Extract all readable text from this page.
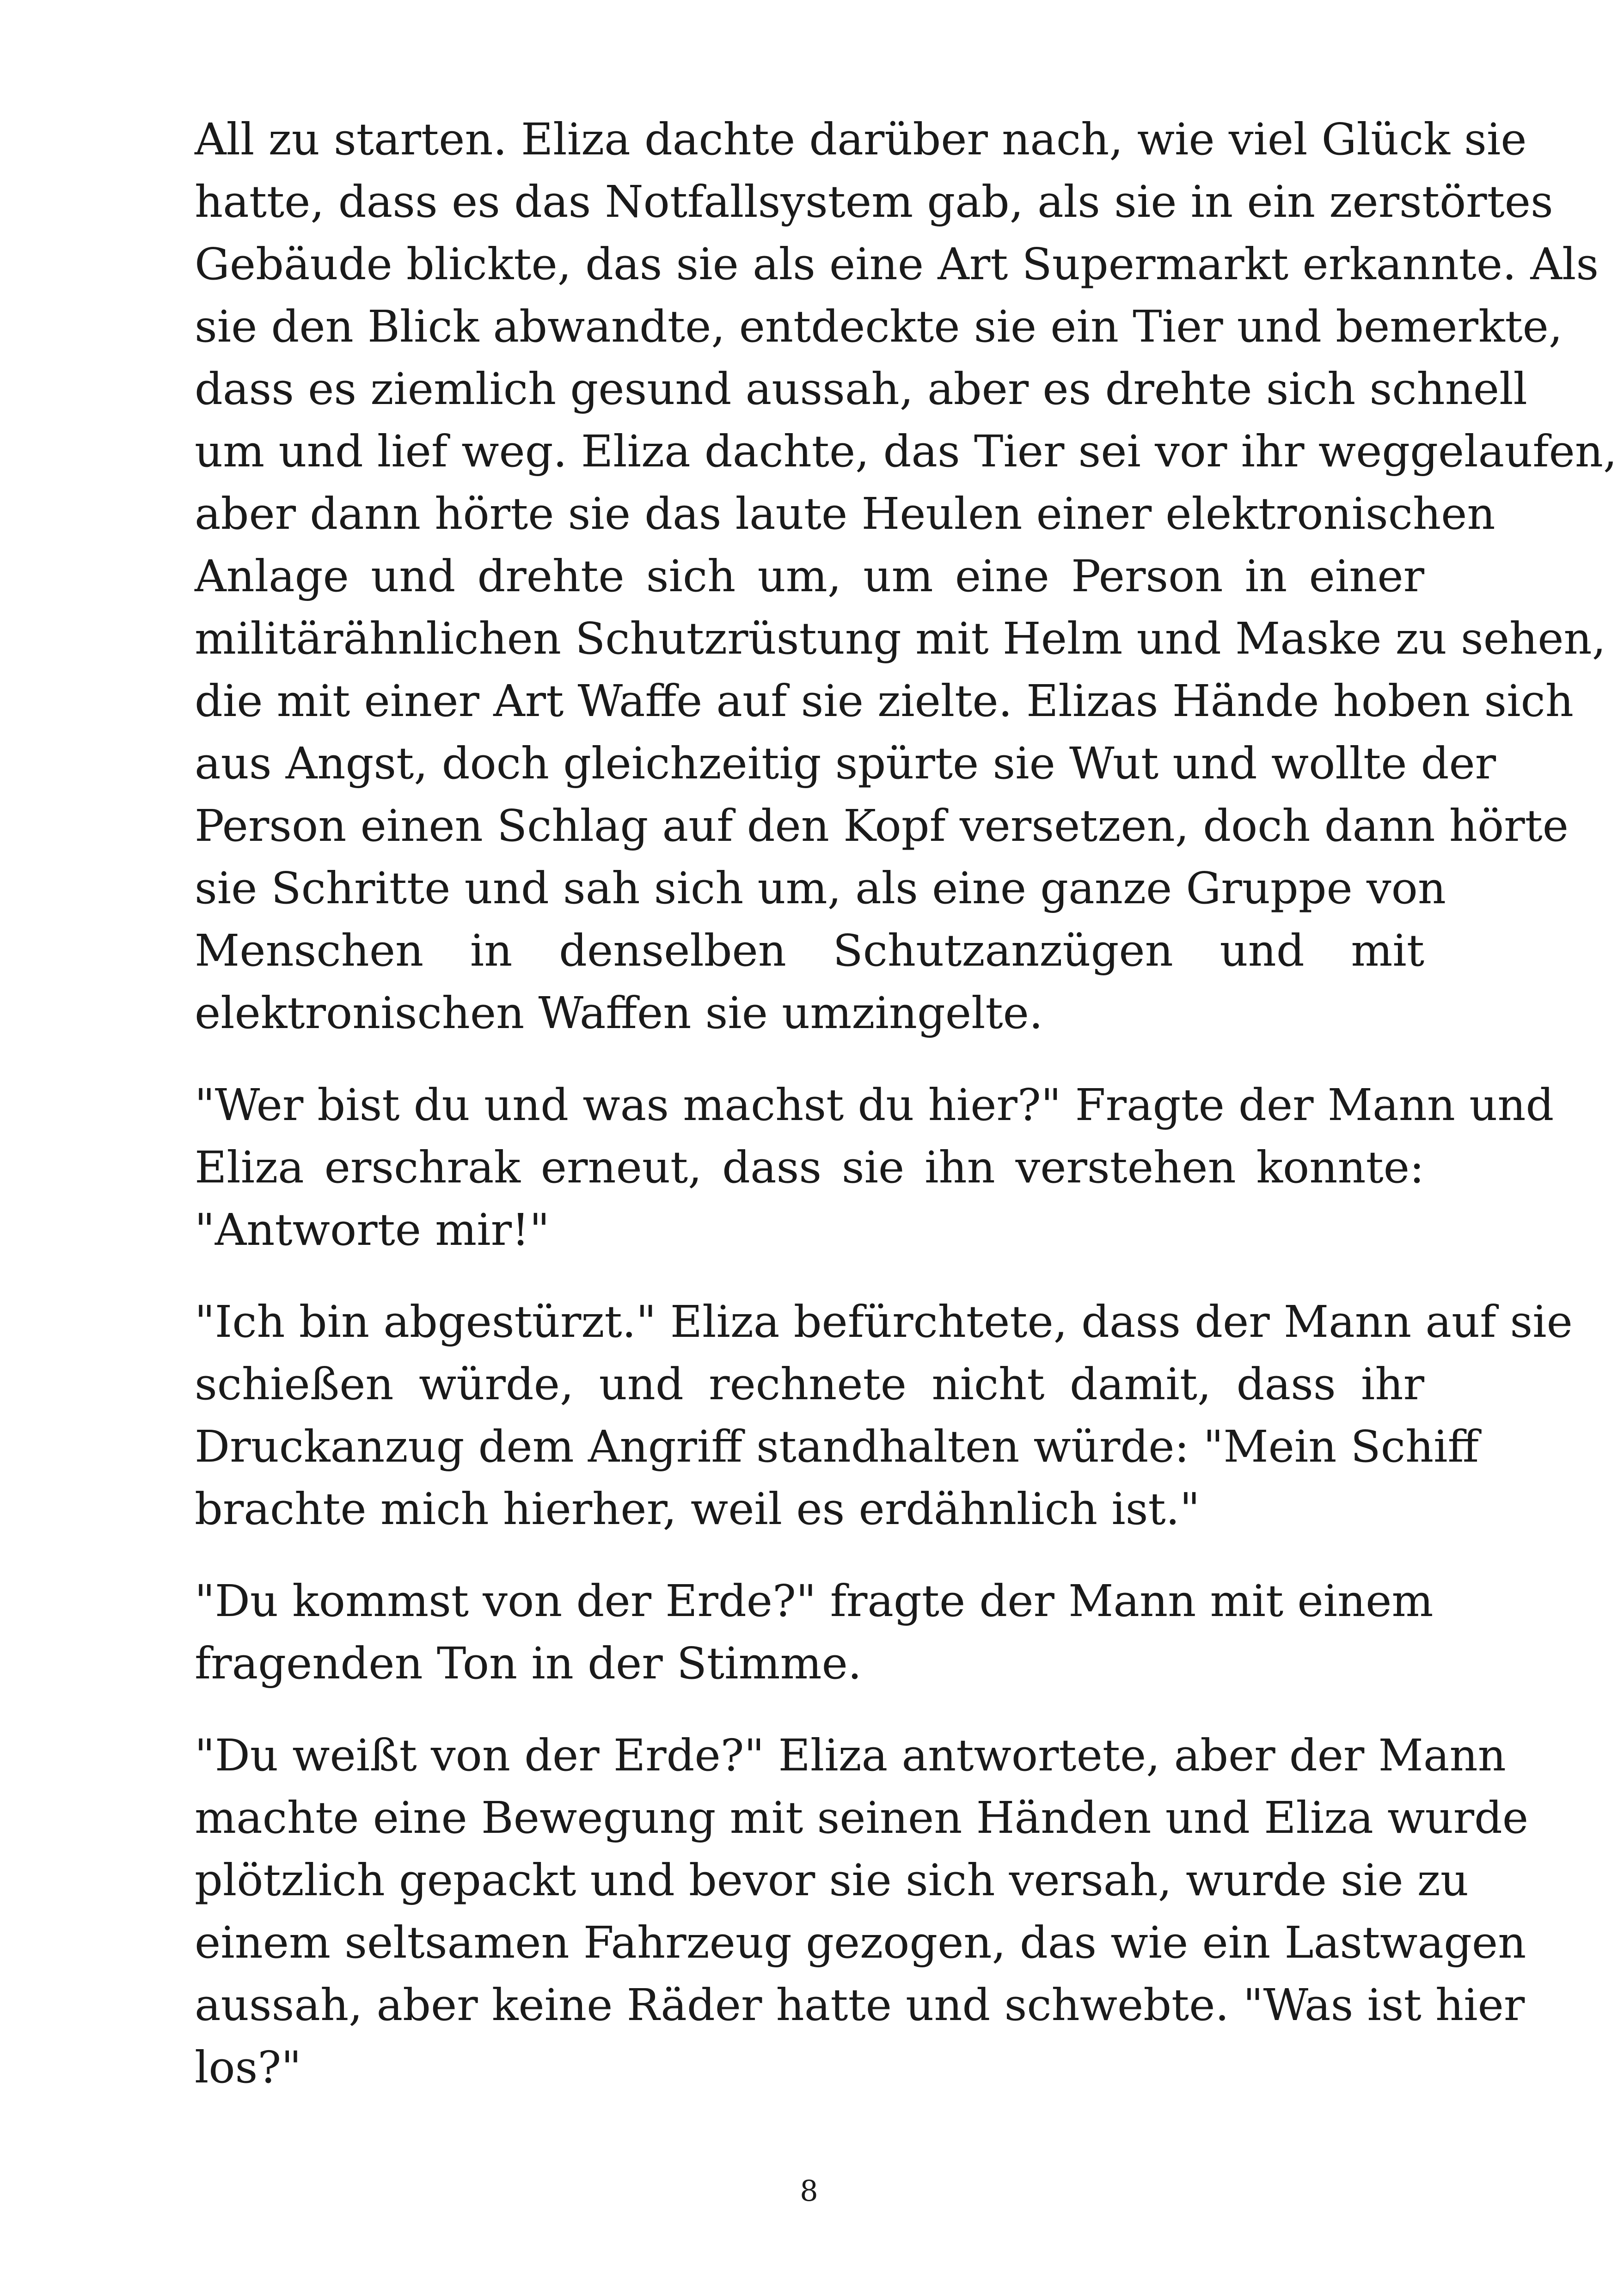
All zu starten. Eliza dachte darüber nach, wie viel Glück sie
hatte, dass es das Notfallsystem gab, als sie in ein zerstörtes
Gebäude blickte, das sie als eine Art Supermarkt erkannte. Als
sie den Blick abwandte, entdeckte sie ein Tier und bemerkte,
dass es ziemlich gesund aussah, aber es drehte sich schnell
um und lief weg. Eliza dachte, das Tier sei vor ihr weggelaufen,
aber dann hörte sie das laute Heulen einer elektronischen
Anlage und drehte sich um, um eine Person in einer
militärähnlichen Schutzrüstung mit Helm und Maske zu sehen,
die mit einer Art Waffe auf sie zielte. Elizas Hände hoben sich
aus Angst, doch gleichzeitig spürte sie Wut und wollte der
Person einen Schlag auf den Kopf versetzen, doch dann hörte
sie Schritte und sah sich um, als eine ganze Gruppe von
Menschen in denselben Schutzanzügen und mit
elektronischen Waffen sie umzingelte.
"Wer bist du und was machst du hier?" Fragte der Mann und
Eliza erschrak erneut, dass sie ihn verstehen konnte:
"Antworte mir!"
"Ich bin abgestürzt." Eliza befürchtete, dass der Mann auf sie
schießen würde, und rechnete nicht damit, dass ihr
Druckanzug dem Angriff standhalten würde: "Mein Schiff
brachte mich hierher, weil es erdähnlich ist."
"Du kommst von der Erde?" fragte der Mann mit einem
fragenden Ton in der Stimme.
"Du weißt von der Erde?" Eliza antwortete, aber der Mann
machte eine Bewegung mit seinen Händen und Eliza wurde
plötzlich gepackt und bevor sie sich versah, wurde sie zu
einem seltsamen Fahrzeug gezogen, das wie ein Lastwagen
aussah, aber keine Räder hatte und schwebte. "Was ist hier
los?"
8
